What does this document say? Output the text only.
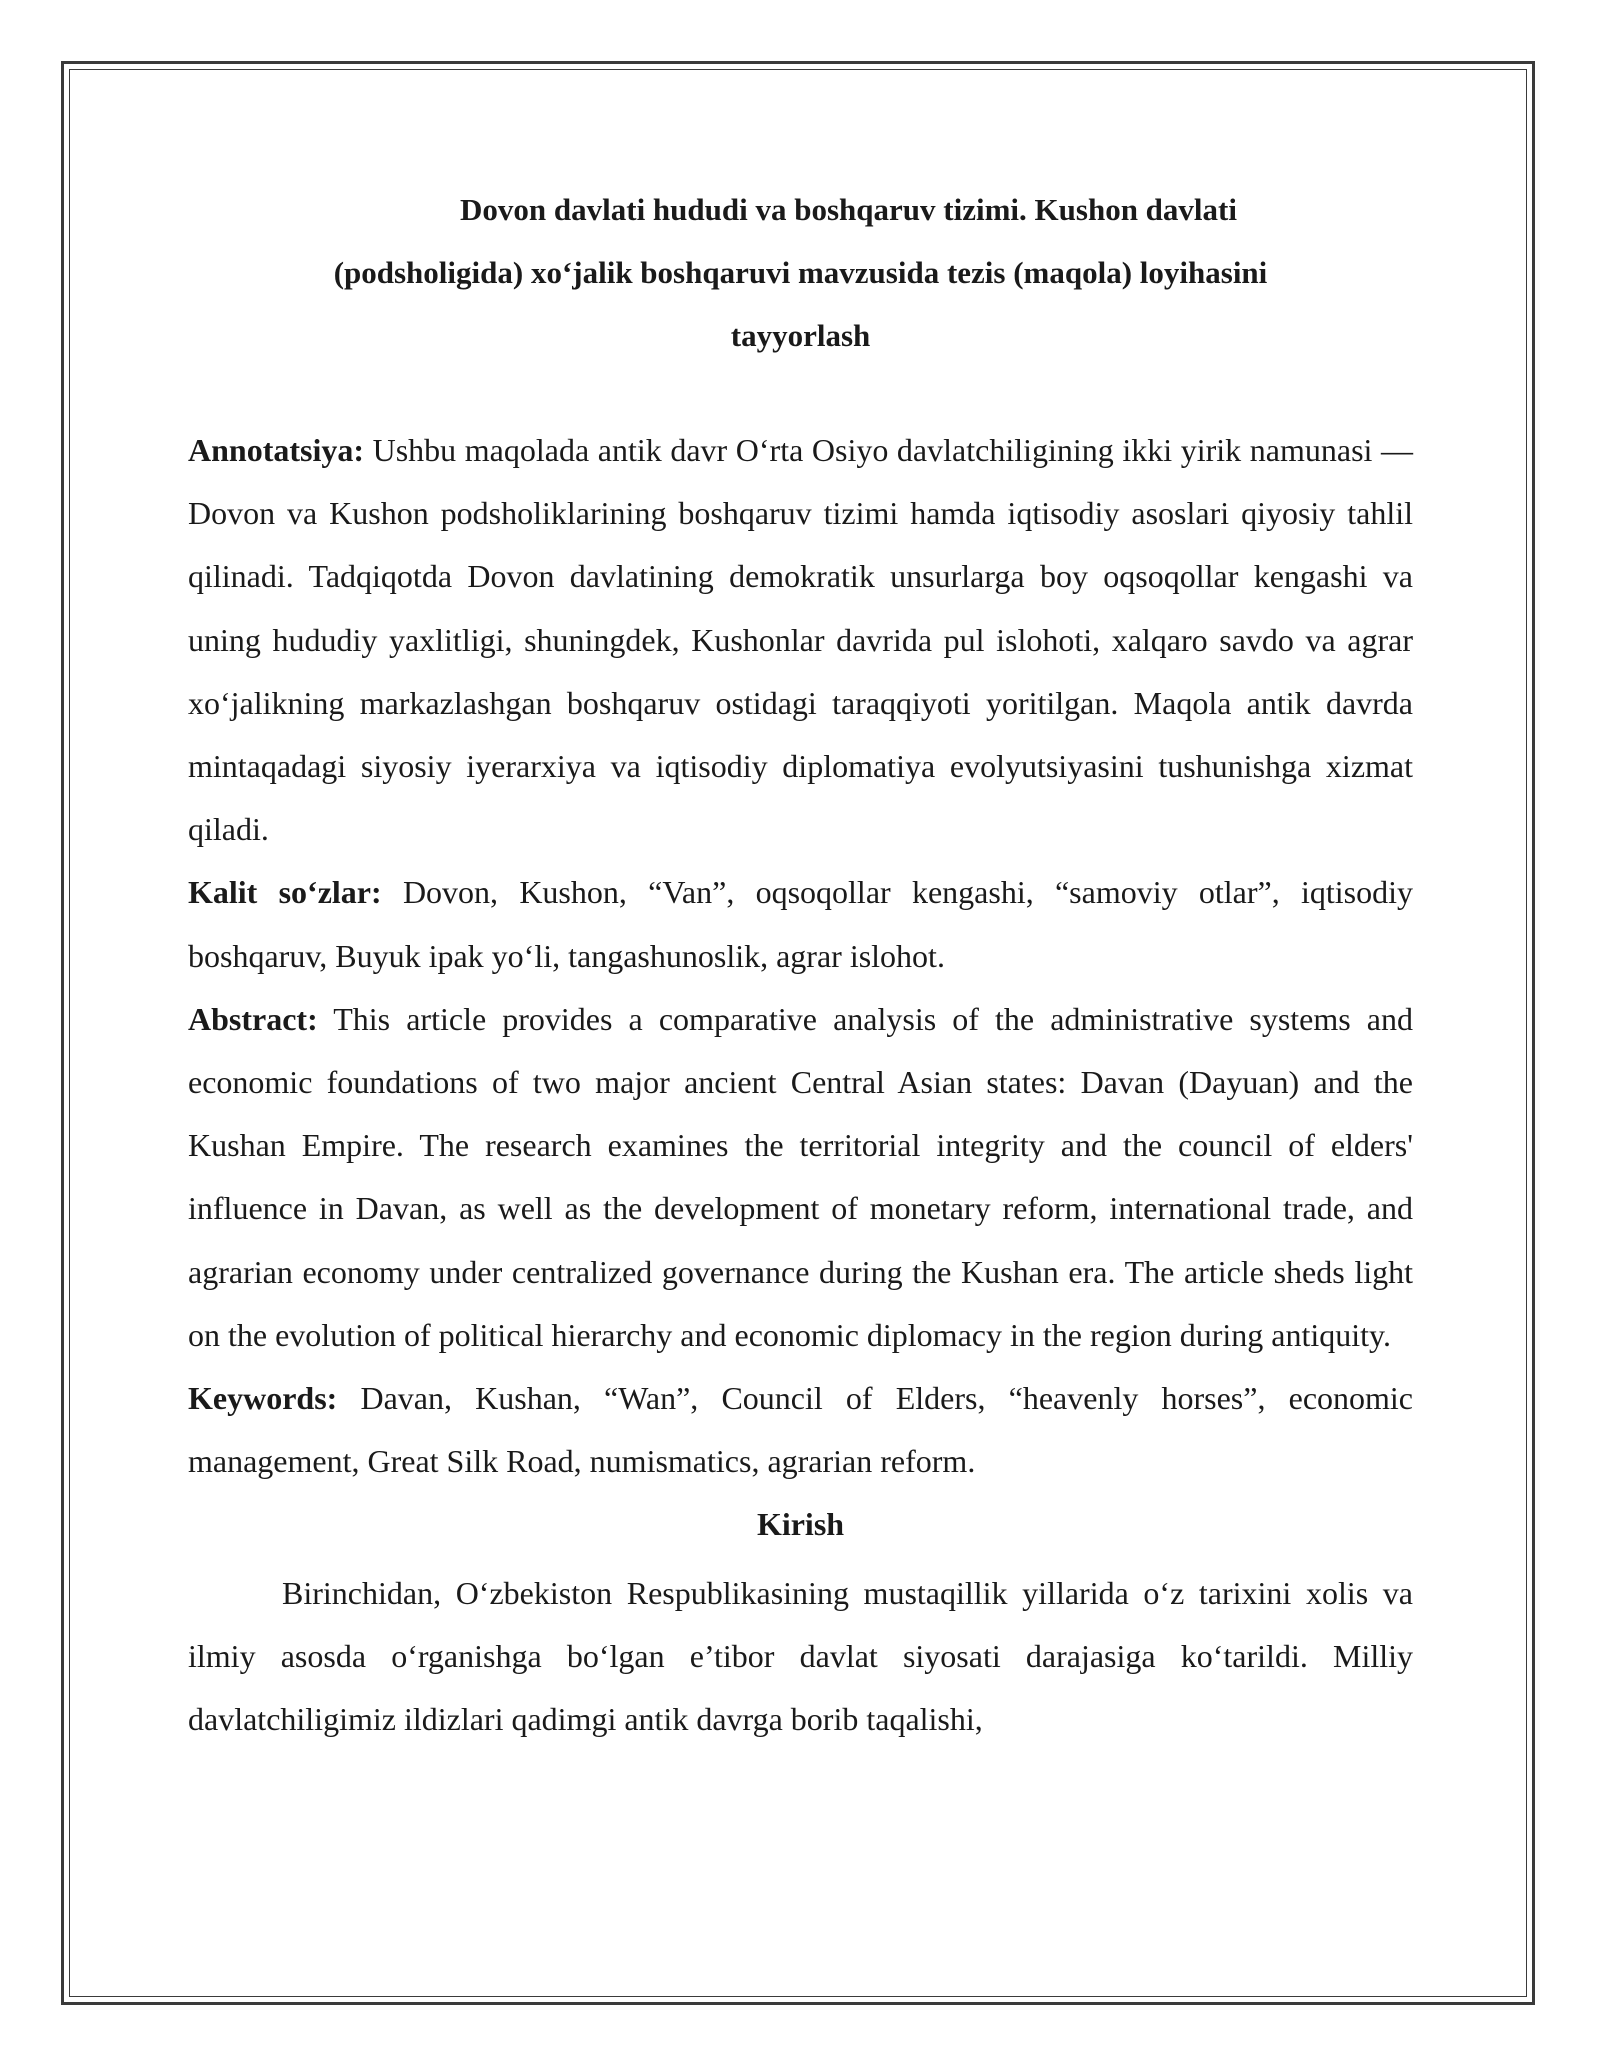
Dovon davlati hududi va boshqaruv tizimi. Kushon davlati
(podsholigida) xo‘jalik boshqaruvi mavzusida tezis (maqola) loyihasini
tayyorlash

Annotatsiya: Ushbu maqolada antik davr O‘rta Osiyo davlatchiligining ikki yirik namunasi — Dovon va Kushon podsholiklarining boshqaruv tizimi hamda iqtisodiy asoslari qiyosiy tahlil qilinadi. Tadqiqotda Dovon davlatining demokratik unsurlarga boy oqsoqollar kengashi va uning hududiy yaxlitligi, shuningdek, Kushonlar davrida pul islohoti, xalqaro savdo va agrar xo‘jalikning markazlashgan boshqaruv ostidagi taraqqiyoti yoritilgan. Maqola antik davrda mintaqadagi siyosiy iyerarxiya va iqtisodiy diplomatiya evolyutsiyasini tushunishga xizmat qiladi.

Kalit so‘zlar: Dovon, Kushon, “Van”, oqsoqollar kengashi, “samoviy otlar”, iqtisodiy boshqaruv, Buyuk ipak yo‘li, tangashunoslik, agrar islohot.

Abstract: This article provides a comparative analysis of the administrative systems and economic foundations of two major ancient Central Asian states: Davan (Dayuan) and the Kushan Empire. The research examines the territorial integrity and the council of elders' influence in Davan, as well as the development of monetary reform, international trade, and agrarian economy under centralized governance during the Kushan era. The article sheds light on the evolution of political hierarchy and economic diplomacy in the region during antiquity.

Keywords: Davan, Kushan, “Wan”, Council of Elders, “heavenly horses”, economic management, Great Silk Road, numismatics, agrarian reform.

Kirish

Birinchidan, O‘zbekiston Respublikasining mustaqillik yillarida o‘z tarixini xolis va ilmiy asosda o‘rganishga bo‘lgan e’tibor davlat siyosati darajasiga ko‘tarildi. Milliy davlatchiligimiz ildizlari qadimgi antik davrga borib taqalishi,
